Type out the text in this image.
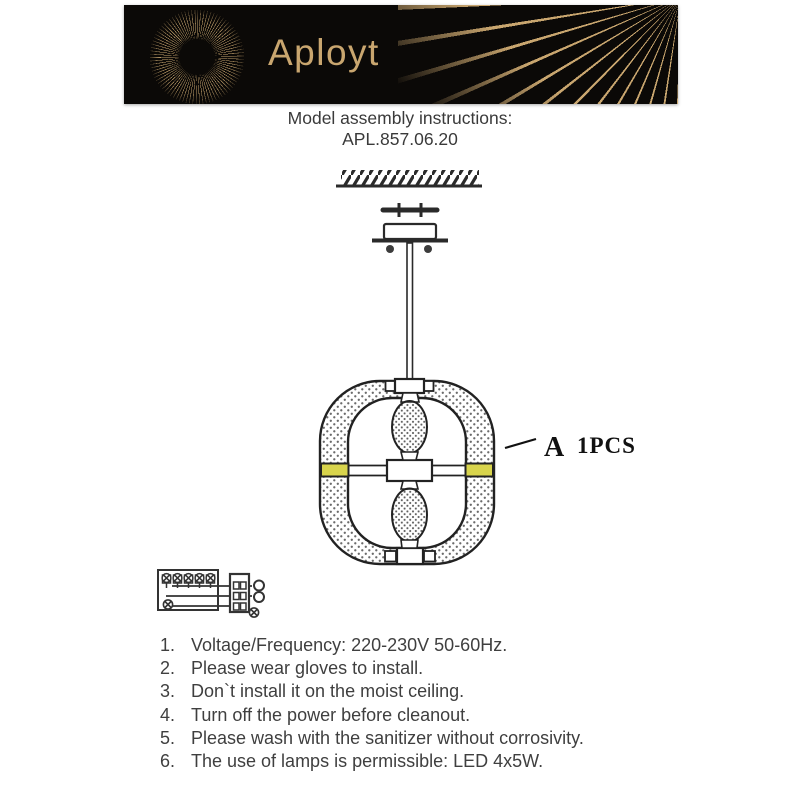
Aployt
Model assembly instructions:
APL.857.06.20
A 1PCS
1. Voltage/Frequency: 220-230V 50-60Hz.
2. Please wear gloves to install.
3. Don`t install it on the moist ceiling.
4. Turn off the power before cleanout.
5. Please wash with the sanitizer without corrosivity.
6. The use of lamps is permissible: LED 4x5W.
